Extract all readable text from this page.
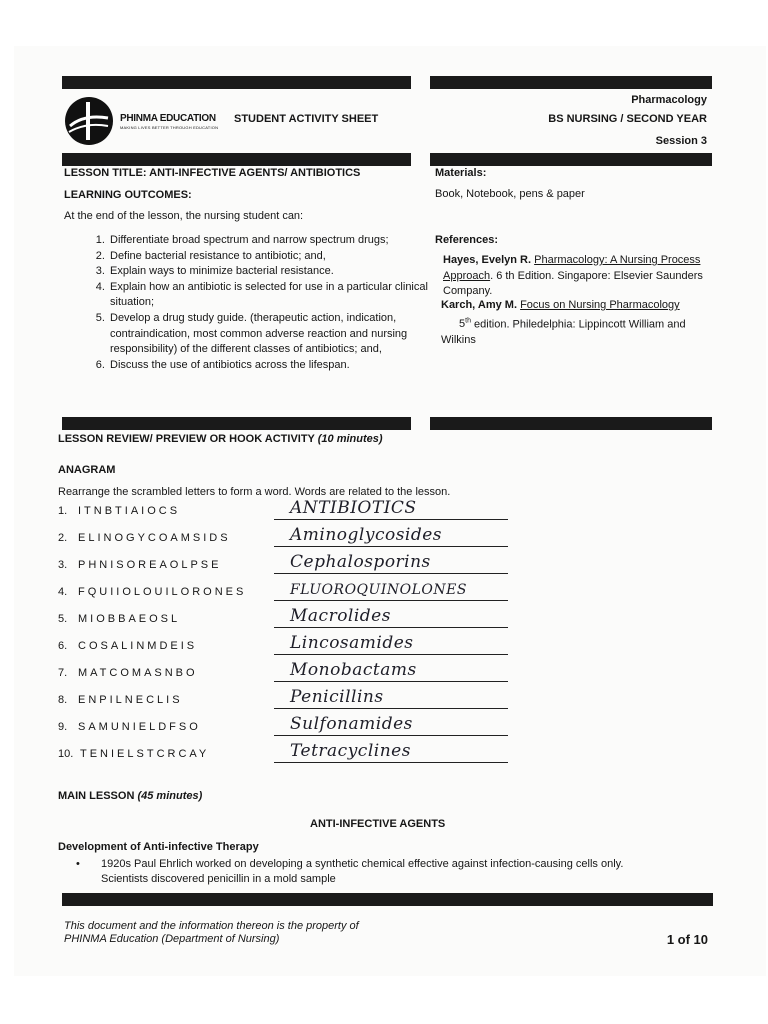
PHINMA EDUCATION
MAKING LIVES BETTER THROUGH EDUCATION
STUDENT ACTIVITY SHEET
Pharmacology
BS NURSING / SECOND YEAR
Session 3
LESSON TITLE: ANTI-INFECTIVE AGENTS/ ANTIBIOTICS
LEARNING OUTCOMES:
At the end of the lesson, the nursing student can:
1. Differentiate broad spectrum and narrow spectrum drugs;
2. Define bacterial resistance to antibiotic; and,
3. Explain ways to minimize bacterial resistance.
4. Explain how an antibiotic is selected for use in a particular clinical situation;
5. Develop a drug study guide. (therapeutic action, indication, contraindication, most common adverse reaction and nursing responsibility) of the different classes of antibiotics; and,
6. Discuss the use of antibiotics across the lifespan.
Materials:
Book, Notebook, pens & paper
References:
Hayes, Evelyn R. Pharmacology: A Nursing Process Approach. 6 th Edition. Singapore: Elsevier Saunders Company.
Karch, Amy M. Focus on Nursing Pharmacology
5th edition. Philedelphia: Lippincott William and Wilkins
LESSON REVIEW/ PREVIEW OR HOOK ACTIVITY (10 minutes)
ANAGRAM
Rearrange the scrambled letters to form a word. Words are related to the lesson.
1. ITNBTIAIOCS	ANTIBIOTICS
2. ELINOGYCOAMSIDS	Aminoglycosides
3. PHNISOREAOLPSE	Cephalosporins
4. FQUIIOLOUILORONES	FLUOROQUINOLONES
5. MIOBBAEOSL	Macrolides
6. COSALINMDEIS	Lincosamides
7. MATCOMASNBO	Monobactams
8. ENPILNECLIS	Penicillins
9. SAMUNIELDFSO	Sulfonamides
10. TENIELSTCRCAY	Tetracyclines
MAIN LESSON (45 minutes)
ANTI-INFECTIVE AGENTS
Development of Anti-infective Therapy
• 1920s Paul Ehrlich worked on developing a synthetic chemical effective against infection-causing cells only.
Scientists discovered penicillin in a mold sample
This document and the information thereon is the property of
PHINMA Education (Department of Nursing)	1 of 10
